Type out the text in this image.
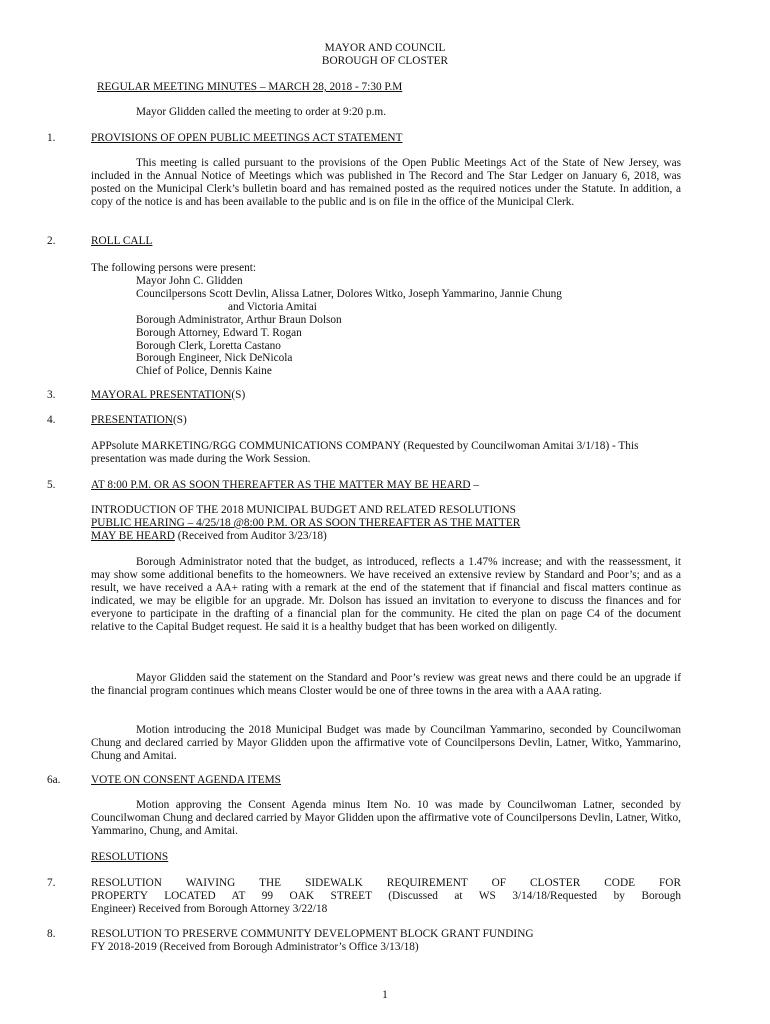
MAYOR AND COUNCIL
BOROUGH OF CLOSTER
REGULAR MEETING MINUTES – MARCH 28, 2018 - 7:30 P.M
Mayor Glidden called the meeting to order at 9:20 p.m.
1.	PROVISIONS OF OPEN PUBLIC MEETINGS ACT STATEMENT
This meeting is called pursuant to the provisions of the Open Public Meetings Act of the State of New Jersey, was included in the Annual Notice of Meetings which was published in The Record and The Star Ledger on January 6, 2018, was posted on the Municipal Clerk’s bulletin board and has remained posted as the required notices under the Statute. In addition, a copy of the notice is and has been available to the public and is on file in the office of the Municipal Clerk.
2.	ROLL CALL
The following persons were present:
Mayor John C. Glidden
Councilpersons Scott Devlin, Alissa Latner, Dolores Witko, Joseph Yammarino, Jannie Chung
and Victoria Amitai
Borough Administrator, Arthur Braun Dolson
Borough Attorney, Edward T. Rogan
Borough Clerk, Loretta Castano
Borough Engineer, Nick DeNicola
Chief of Police, Dennis Kaine
3.	MAYORAL PRESENTATION(S)
4.	PRESENTATION(S)
APPsolute MARKETING/RGG COMMUNICATIONS COMPANY (Requested by Councilwoman Amitai 3/1/18) - This presentation was made during the Work Session.
5.	AT 8:00 P.M. OR AS SOON THEREAFTER AS THE MATTER MAY BE HEARD –
INTRODUCTION OF THE 2018 MUNICIPAL BUDGET AND RELATED RESOLUTIONS
PUBLIC HEARING – 4/25/18 @8:00 P.M. OR AS SOON THEREAFTER AS THE MATTER
MAY BE HEARD (Received from Auditor 3/23/18)
Borough Administrator noted that the budget, as introduced, reflects a 1.47% increase; and with the reassessment, it may show some additional benefits to the homeowners. We have received an extensive review by Standard and Poor’s; and as a result, we have received a AA+ rating with a remark at the end of the statement that if financial and fiscal matters continue as indicated, we may be eligible for an upgrade. Mr. Dolson has issued an invitation to everyone to discuss the finances and for everyone to participate in the drafting of a financial plan for the community. He cited the plan on page C4 of the document relative to the Capital Budget request. He said it is a healthy budget that has been worked on diligently.
Mayor Glidden said the statement on the Standard and Poor’s review was great news and there could be an upgrade if the financial program continues which means Closter would be one of three towns in the area with a AAA rating.
Motion introducing the 2018 Municipal Budget was made by Councilman Yammarino, seconded by Councilwoman Chung and declared carried by Mayor Glidden upon the affirmative vote of Councilpersons Devlin, Latner, Witko, Yammarino, Chung and Amitai.
6a.	VOTE ON CONSENT AGENDA ITEMS
Motion approving the Consent Agenda minus Item No. 10 was made by Councilwoman Latner, seconded by Councilwoman Chung and declared carried by Mayor Glidden upon the affirmative vote of Councilpersons Devlin, Latner, Witko, Yammarino, Chung, and Amitai.
RESOLUTIONS
7.	RESOLUTION WAIVING THE SIDEWALK REQUIREMENT OF CLOSTER CODE FOR
PROPERTY LOCATED AT 99 OAK STREET (Discussed at WS 3/14/18/Requested by Borough
Engineer) Received from Borough Attorney 3/22/18
8.	RESOLUTION TO PRESERVE COMMUNITY DEVELOPMENT BLOCK GRANT FUNDING
FY 2018-2019 (Received from Borough Administrator’s Office 3/13/18)
1
